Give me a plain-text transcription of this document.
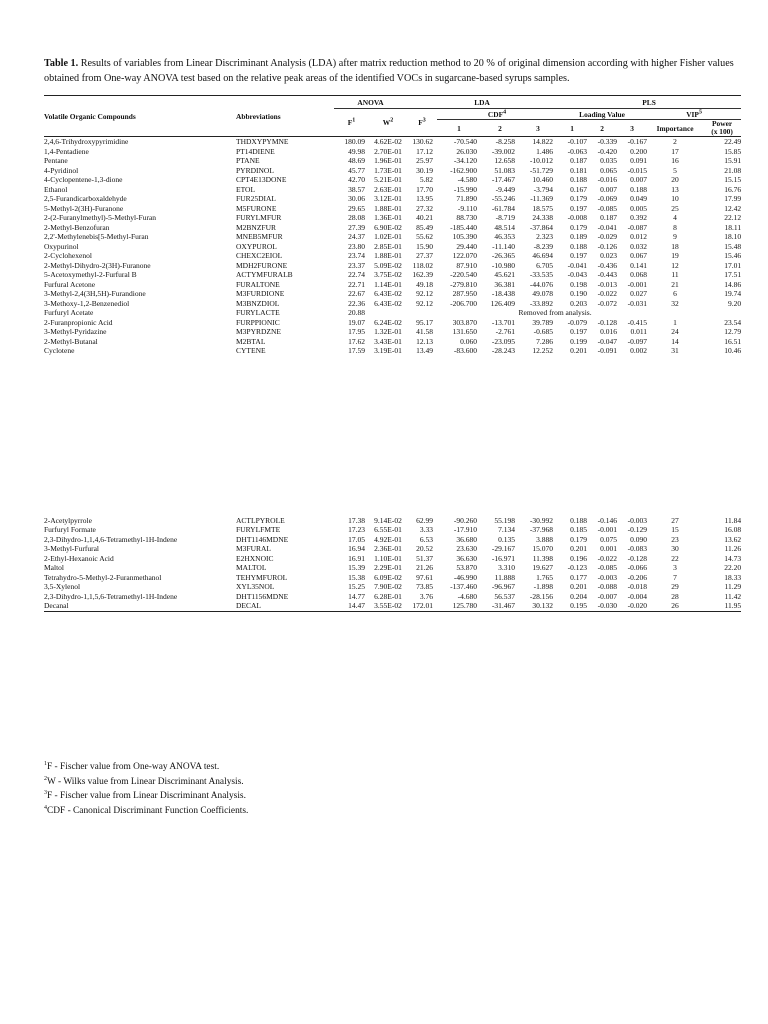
Table 1. Results of variables from Linear Discriminant Analysis (LDA) after matrix reduction method to 20 % of original dimension according with higher Fisher values obtained from One-way ANOVA test based on the relative peak areas of the identified VOCs in sugarcane-based syrups samples.
Volatile Organic Compounds	Abbreviations	ANOVA		LDA				PLS				
		$F^1$	$W^2$	$F^3$	CDF$^4$			Loading Value			VIP$^5$
					1	2	3	1	2	3	Importance	Power
(x 100)
2,4,6-Trihydroxypyrimidine	THDXYPYMNE	180.09	4.62E-02	130.62	-70.540	-8.258	14.822	-0.107	-0.339	-0.167	2	22.49
1,4-Pentadiene	PT14DIENE	49.98	2.70E-01	17.12	26.030	-39.002	1.486	-0.063	-0.420	0.200	17	15.85
Pentane	PTANE	48.69	1.96E-01	25.97	-34.120	12.658	-10.012	0.187	0.035	0.091	16	15.91
4-Pyridinol	PYRDINOL	45.77	1.73E-01	30.19	-162.900	51.083	-51.729	0.181	0.065	-0.015	5	21.08
4-Cyclopentene-1,3-dione	CPT4E13DONE	42.70	5.21E-01	5.82	-4.580	-17.467	10.460	0.188	-0.016	0.007	20	15.15
Ethanol	ETOL	38.57	2.63E-01	17.70	-15.990	-9.449	-3.794	0.167	0.007	0.188	13	16.76
2,5-Furandicarboxaldehyde	FUR25DIAL	30.06	3.12E-01	13.95	71.890	-55.246	-11.369	0.179	-0.069	0.049	10	17.99
5-Methyl-2(3H)-Furanone	M5FURONE	29.65	1.88E-01	27.32	-9.110	-61.784	18.575	0.197	-0.085	0.005	25	12.42
2-(2-Furanylmethyl)-5-Methyl-Furan	FURYLMFUR	28.08	1.36E-01	40.21	88.730	-8.719	24.338	-0.008	0.187	0.392	4	22.12
2-Methyl-Benzofuran	M2BNZFUR	27.39	6.90E-02	85.49	-185.440	48.514	-37.864	0.179	-0.041	-0.087	8	18.11
2,2'-Methylenebis[5-Methyl-Furan	MNEB5MFUR	24.37	1.02E-01	55.62	105.390	46.353	2.323	0.189	-0.029	0.012	9	18.10
Oxypurinol	OXYPUROL	23.80	2.85E-01	15.90	29.440	-11.140	-8.239	0.188	-0.126	0.032	18	15.48
2-Cyclohexenol	CHEXC2EIOL	23.74	1.88E-01	27.37	122.070	-26.365	46.694	0.197	0.023	0.067	19	15.46
2-Methyl-Dihydro-2(3H)-Furanone	MDH2FURONE	23.37	5.09E-02	118.02	87.910	-10.980	6.705	-0.041	-0.436	0.141	12	17.01
5-Acetoxymethyl-2-Furfural B	ACTYMFURALB	22.74	3.75E-02	162.39	-220.540	45.621	-33.535	-0.043	-0.443	0.068	11	17.51
Furfural Acetone	FURALTONE	22.71	1.14E-01	49.18	-279.810	36.381	-44.076	0.198	-0.013	-0.001	21	14.86
3-Methyl-2,4(3H,5H)-Furandione	M3FURDIONE	22.67	6.43E-02	92.12	287.950	-18.438	49.078	0.190	-0.022	0.027	6	19.74
3-Methoxy-1,2-Benzenediol	M3BNZDIOL	22.36	6.43E-02	92.12	-206.700	126.409	-33.892	0.203	-0.072	-0.031	32	9.20
Furfuryl Acetate	FURYLACTE	20.88	Removed from analysis.									
2-Furanpropionic Acid	FURPPIONIC	19.07	6.24E-02	95.17	303.870	-13.701	39.789	-0.079	-0.128	-0.415	1	23.54
3-Methyl-Pyridazine	M3PYRDZNE	17.95	1.32E-01	41.58	131.650	-2.761	-0.685	0.197	0.016	0.011	24	12.79
2-Methyl-Butanal	M2BTAL	17.62	3.43E-01	12.13	0.060	-23.095	7.286	0.199	-0.047	-0.097	14	16.51
Cyclotene	CYTENE	17.59	3.19E-01	13.49	-83.600	-28.243	12.252	0.201	-0.091	0.002	31	10.46

2-Acetylpyrrole	ACTLPYROLE	17.38	9.14E-02	62.99	-90.260	55.198	-30.992	0.188	-0.146	-0.003	27	11.84
Furfuryl Formate	FURYLFMTE	17.23	6.55E-01	3.33	-17.910	7.134	-37.968	0.185	-0.001	-0.129	15	16.08
2,3-Dihydro-1,1,4,6-Tetramethyl-1H-Indene	DHT1146MDNE	17.05	4.92E-01	6.53	36.680	0.135	3.888	0.179	0.075	0.090	23	13.62
3-Methyl-Furfural	M3FURAL	16.94	2.36E-01	20.52	23.630	-29.167	15.070	0.201	0.001	-0.083	30	11.26
2-Ethyl-Hexanoic Acid	E2HXNOIC	16.91	1.10E-01	51.37	36.630	-16.971	11.398	0.196	-0.022	-0.128	22	14.73
Maltol	MALTOL	15.39	2.29E-01	21.26	53.870	3.310	19.627	-0.123	-0.085	-0.066	3	22.20
Tetrahydro-5-Methyl-2-Furanmethanol	TEHYMFUROL	15.38	6.09E-02	97.61	-46.990	11.888	1.765	0.177	-0.003	-0.206	7	18.33
3,5-Xylenol	XYL35NOL	15.25	7.90E-02	73.85	-137.460	-96.967	-1.898	0.201	-0.088	-0.018	29	11.29
2,3-Dihydro-1,1,5,6-Tetramethyl-1H-Indene	DHT1156MDNE	14.77	6.28E-01	3.76	-4.680	56.537	-28.156	0.204	-0.007	-0.004	28	11.42
Decanal	DECAL	14.47	3.55E-02	172.01	125.780	-31.467	30.132	0.195	-0.030	-0.020	26	11.95
$^1$F - Fischer value from One-way ANOVA test.
$^2$W - Wilks value from Linear Discriminant Analysis.
$^3$F - Fischer value from Linear Discriminant Analysis.
$^4$CDF - Canonical Discriminant Function Coefficients.
